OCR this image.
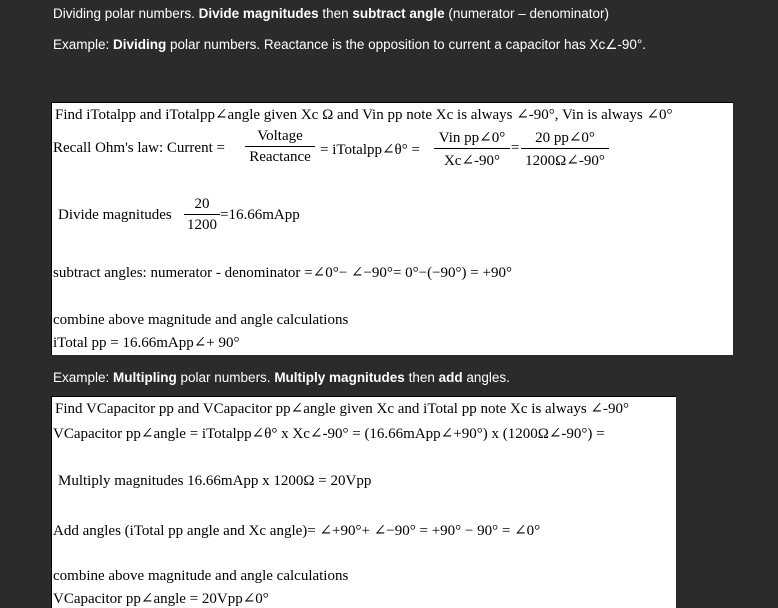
Dividing polar numbers. Divide magnitudes then subtract angle (numerator – denominator)
Example: Dividing polar numbers. Reactance is the opposition to current a capacitor has Xc∠-90°.
Find iTotalpp and iTotalpp∠angle given Xc Ω and Vin pp note Xc is always ∠-90°, Vin is always ∠0°
Recall Ohm's law: Current =
Voltage
Reactance = iTotalpp∠θ° =
Vin pp∠0°
Xc∠-90°
=
20 pp∠0°
1200Ω∠-90°
Divide magnitudes
20
1200
=16.66mApp
subtract angles: numerator - denominator =∠0°− ∠−90°= 0°−(−90°) = +90°
combine above magnitude and angle calculations
iTotal pp = 16.66mApp∠+ 90°
Example: Multipling polar numbers. Multiply magnitudes then add angles.
Find VCapacitor pp and VCapacitor pp∠angle given Xc and iTotal pp note Xc is always ∠-90°
VCapacitor pp∠angle = iTotalpp∠θ° x Xc∠-90° = (16.66mApp∠+90°) x (1200Ω∠-90°) =
Multiply magnitudes 16.66mApp x 1200Ω = 20Vpp
Add angles (iTotal pp angle and Xc angle)= ∠+90°+ ∠−90° = +90° − 90° = ∠0°
combine above magnitude and angle calculations
VCapacitor pp∠angle = 20Vpp∠0°
